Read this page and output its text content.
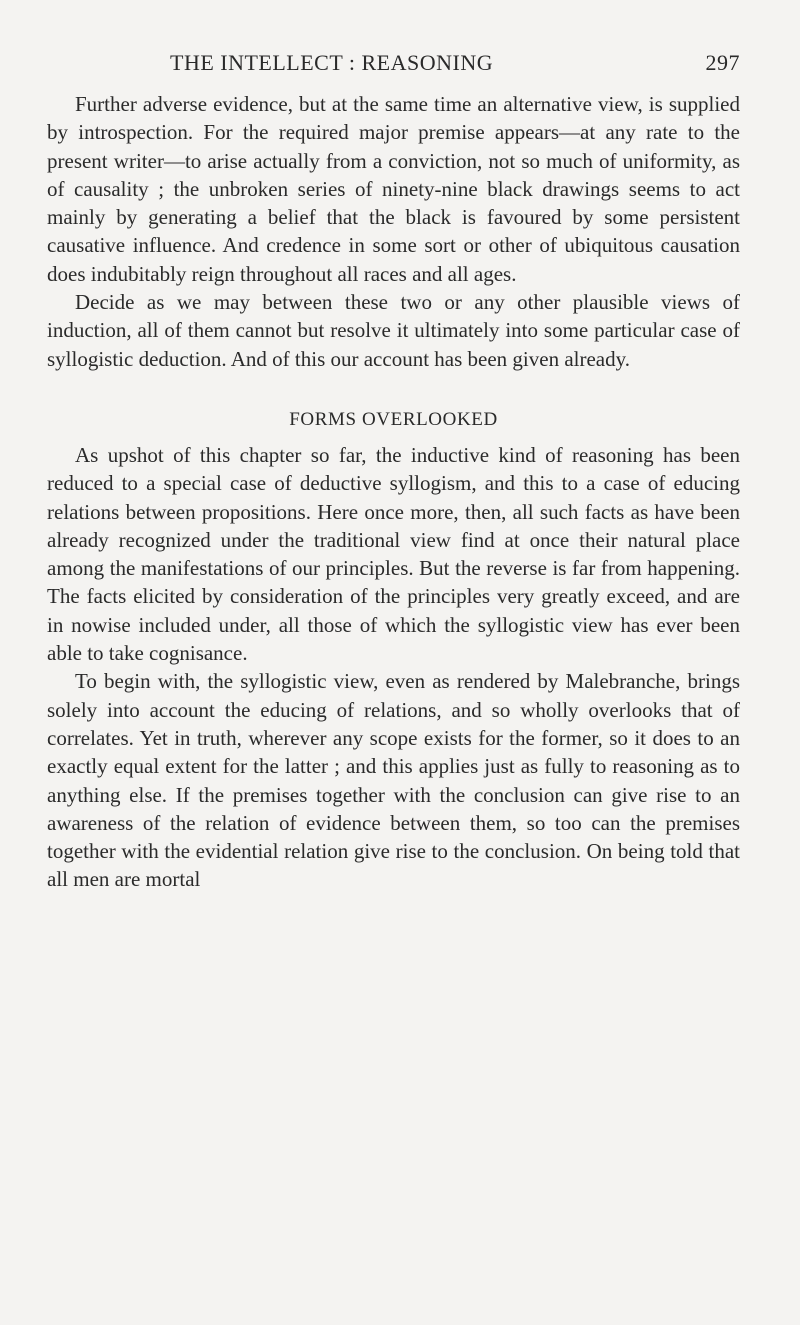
THE INTELLECT : REASONING	297

Further adverse evidence, but at the same time an alternative view, is supplied by introspection. For the required major premise appears—at any rate to the present writer—to arise actually from a conviction, not so much of uniformity, as of causality ; the unbroken series of ninety-nine black drawings seems to act mainly by generating a belief that the black is favoured by some persistent causative influence. And credence in some sort or other of ubiquitous causation does indubitably reign throughout all races and all ages.

Decide as we may between these two or any other plausible views of induction, all of them cannot but resolve it ultimately into some particular case of syllogistic deduction. And of this our account has been given already.

FORMS OVERLOOKED

As upshot of this chapter so far, the inductive kind of reasoning has been reduced to a special case of deductive syllogism, and this to a case of educing relations between propositions. Here once more, then, all such facts as have been already recognized under the traditional view find at once their natural place among the manifestations of our principles. But the reverse is far from happening. The facts elicited by consideration of the principles very greatly exceed, and are in nowise included under, all those of which the syllogistic view has ever been able to take cognisance.

To begin with, the syllogistic view, even as rendered by Malebranche, brings solely into account the educing of relations, and so wholly overlooks that of correlates. Yet in truth, wherever any scope exists for the former, so it does to an exactly equal extent for the latter ; and this applies just as fully to reasoning as to anything else. If the premises together with the conclusion can give rise to an awareness of the relation of evidence between them, so too can the premises together with the evidential relation give rise to the conclusion. On being told that all men are mortal
